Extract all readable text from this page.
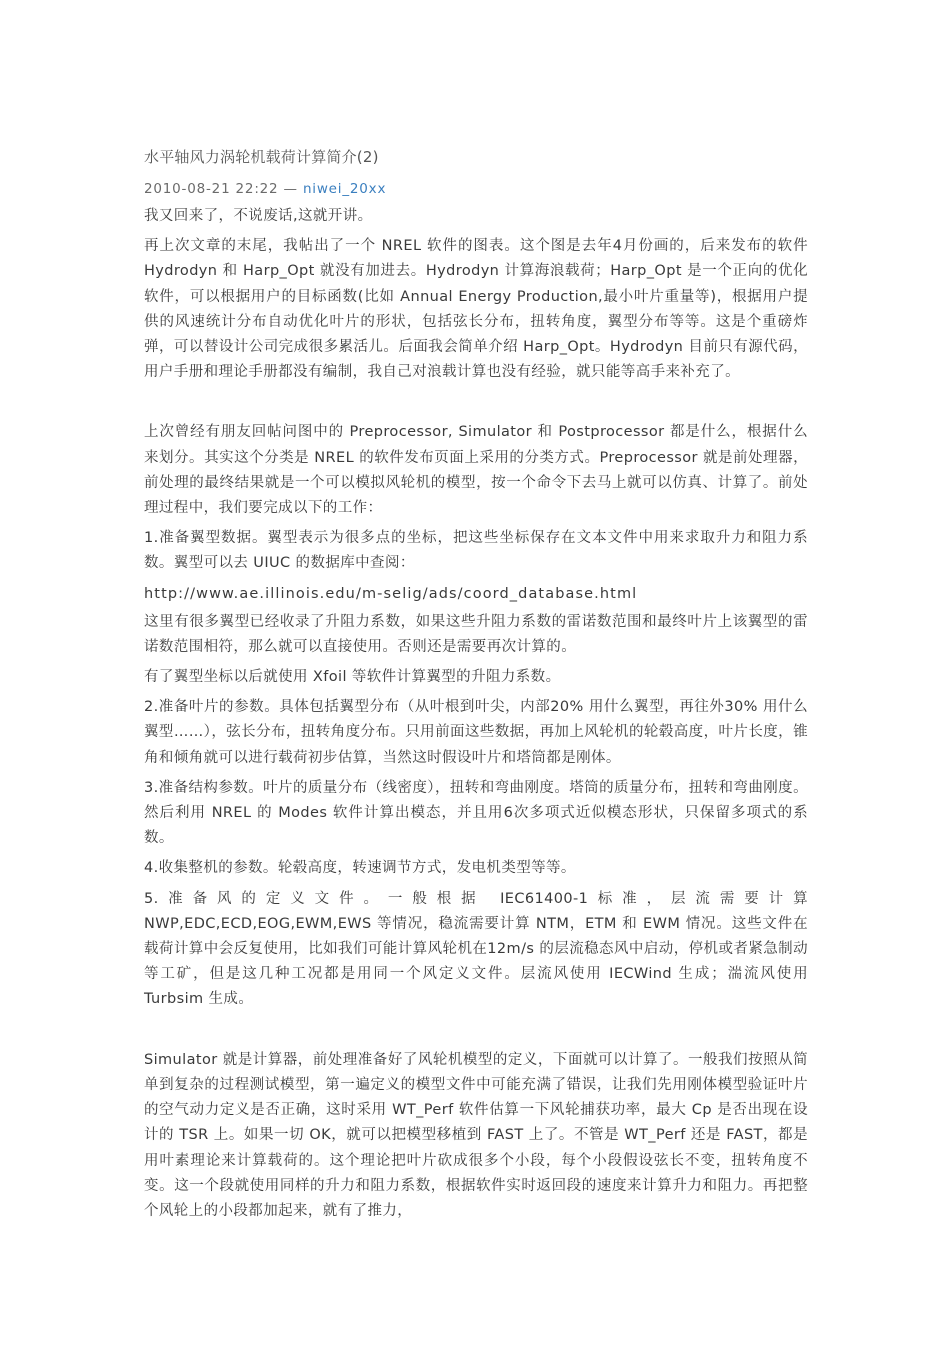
水平轴风力涡轮机载荷计算简介(2)
2010-08-21 22:22 — niwei_20xx

我又回来了，不说废话,这就开讲。

再上次文章的末尾，我帖出了一个 NREL 软件的图表。这个图是去年4月份画的，后来发布的软件 Hydrodyn 和 Harp_Opt 就没有加进去。Hydrodyn 计算海浪载荷；Harp_Opt 是一个正向的优化软件，可以根据用户的目标函数(比如 Annual Energy Production,最小叶片重量等)，根据用户提供的风速统计分布自动优化叶片的形状，包括弦长分布，扭转角度，翼型分布等等。这是个重磅炸弹，可以替设计公司完成很多累活儿。后面我会简单介绍 Harp_Opt。Hydrodyn 目前只有源代码，用户手册和理论手册都没有编制，我自己对浪载计算也没有经验，就只能等高手来补充了。

上次曾经有朋友回帖问图中的 Preprocessor, Simulator 和 Postprocessor 都是什么，根据什么来划分。其实这个分类是 NREL 的软件发布页面上采用的分类方式。Preprocessor 就是前处理器，前处理的最终结果就是一个可以模拟风轮机的模型，按一个命令下去马上就可以仿真、计算了。前处理过程中，我们要完成以下的工作：

1.准备翼型数据。翼型表示为很多点的坐标，把这些坐标保存在文本文件中用来求取升力和阻力系数。翼型可以去 UIUC 的数据库中查阅：

http://www.ae.illinois.edu/m-selig/ads/coord_database.html

这里有很多翼型已经收录了升阻力系数，如果这些升阻力系数的雷诺数范围和最终叶片上该翼型的雷诺数范围相符，那么就可以直接使用。否则还是需要再次计算的。

有了翼型坐标以后就使用 Xfoil 等软件计算翼型的升阻力系数。

2.准备叶片的参数。具体包括翼型分布（从叶根到叶尖，内部20% 用什么翼型，再往外30% 用什么翼型……），弦长分布，扭转角度分布。只用前面这些数据，再加上风轮机的轮毂高度，叶片长度，锥角和倾角就可以进行载荷初步估算，当然这时假设叶片和塔筒都是刚体。

3.准备结构参数。叶片的质量分布（线密度），扭转和弯曲刚度。塔筒的质量分布，扭转和弯曲刚度。然后利用 NREL 的 Modes 软件计算出模态，并且用6次多项式近似模态形状，只保留多项式的系数。

4.收集整机的参数。轮毂高度，转速调节方式，发电机类型等等。

5.准备风的定义文件。一般根据 IEC61400-1标准，层流需要计算 NWP,EDC,ECD,EOG,EWM,EWS 等情况，稳流需要计算 NTM，ETM 和 EWM 情况。这些文件在载荷计算中会反复使用，比如我们可能计算风轮机在12m/s 的层流稳态风中启动，停机或者紧急制动等工矿，但是这几种工况都是用同一个风定义文件。层流风使用 IECWind 生成；湍流风使用 Turbsim 生成。

Simulator 就是计算器，前处理准备好了风轮机模型的定义，下面就可以计算了。一般我们按照从简单到复杂的过程测试模型，第一遍定义的模型文件中可能充满了错误，让我们先用刚体模型验证叶片的空气动力定义是否正确，这时采用 WT_Perf 软件估算一下风轮捕获功率，最大 Cp 是否出现在设计的 TSR 上。如果一切 OK，就可以把模型移植到 FAST 上了。不管是 WT_Perf 还是 FAST，都是用叶素理论来计算载荷的。这个理论把叶片砍成很多个小段，每个小段假设弦长不变，扭转角度不变。这一个段就使用同样的升力和阻力系数，根据软件实时返回段的速度来计算升力和阻力。再把整个风轮上的小段都加起来，就有了推力，
